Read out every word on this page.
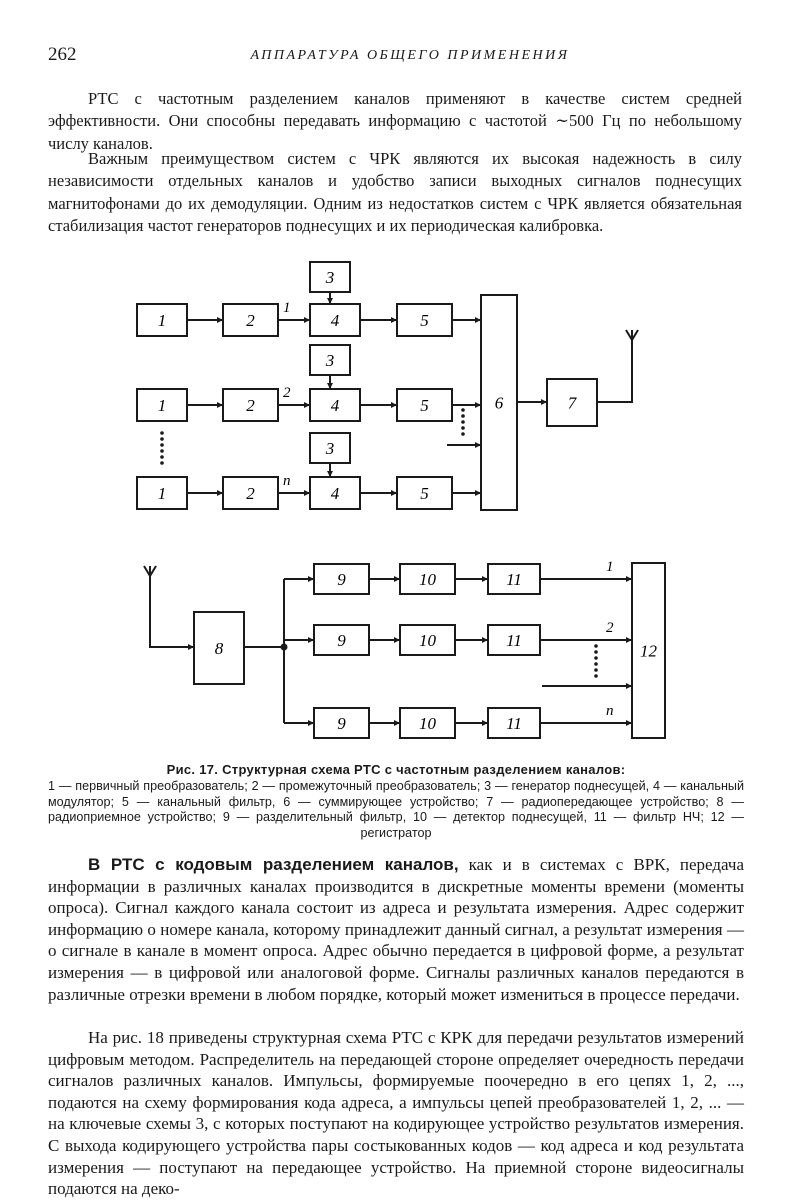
262	АППАРАТУРА ОБЩЕГО ПРИМЕНЕНИЯ

РТС с частотным разделением каналов применяют в качестве систем средней эффективности. Они способны передавать информацию с частотой ∼500 Гц по небольшому числу каналов.

Важным преимуществом систем с ЧРК являются их высокая надежность в силу независимости отдельных каналов и удобство записи выходных сигналов поднесущих магнитофонами до их демодуляции. Одним из недостатков систем с ЧРК является обязательная стабилизация частот генераторов поднесущих и их периодическая калибровка.

1	2	4
3
5
1
1	2	4
3
5
2
1	2	4
3
5
n
6	7
8	12
9	10	11
1
9	10	11
2
9	10	11
n

Рис. 17. Структурная схема РТС с частотным разделением каналов:

1 — первичный преобразователь; 2 — промежуточный преобразователь; 3 — генератор поднесущей, 4 — канальный модулятор; 5 — канальный фильтр, 6 — суммирующее устройство; 7 — радиопередающее устройство; 8 — радиоприемное устройство; 9 — разделительный фильтр, 10 — детектор поднесущей, 11 — фильтр НЧ; 12 — регистратор

В РТС с кодовым разделением каналов, как и в системах с ВРК, передача информации в различных каналах производится в дискретные моменты времени (моменты опроса). Сигнал каждого канала состоит из адреса и результата измерения. Адрес содержит информацию о номере канала, которому принадлежит данный сигнал, а результат измерения — о сигнале в канале в момент опроса. Адрес обычно передается в цифровой форме, а результат измерения — в цифровой или аналоговой форме. Сигналы различных каналов передаются в различные отрезки времени в любом порядке, который может измениться в процессе передачи.

На рис. 18 приведены структурная схема РТС с КРК для передачи результатов измерений цифровым методом. Распределитель на передающей стороне определяет очередность передачи сигналов различных каналов. Импульсы, формируемые поочередно в его цепях 1, 2, ..., подаются на схему формирования кода адреса, а импульсы цепей преобразователей 1, 2, ... — на ключевые схемы 3, с которых поступают на кодирующее устройство результатов измерения. С выхода кодирующего устройства пары состыкованных кодов — код адреса и код результата измерения — поступают на передающее устройство. На приемной стороне видеосигналы подаются на деко-
